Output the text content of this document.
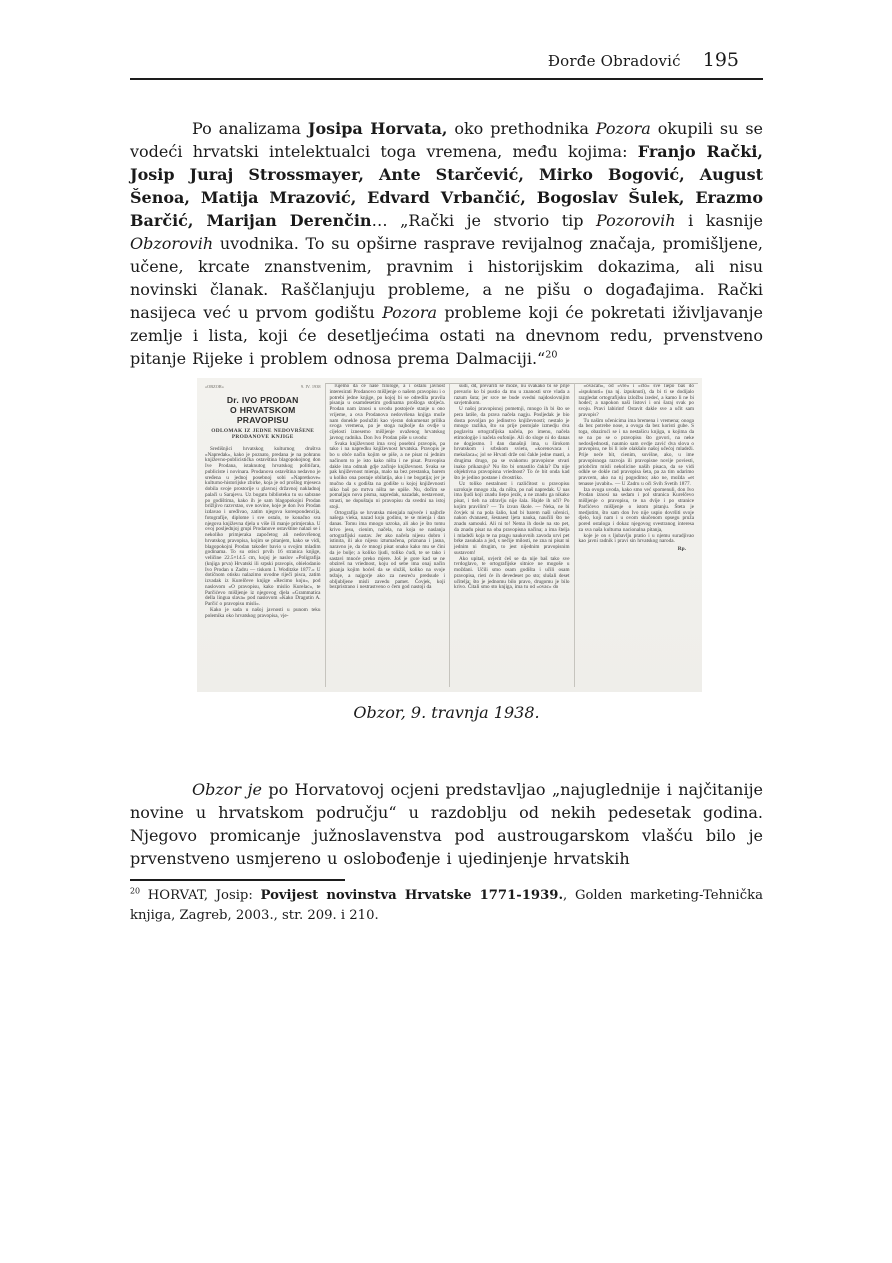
Đorđe Obradović 195

Po analizama Josipa Horvata, oko prethodnika Pozora okupili su se vodeći hrvatski intelektualci toga vremena, među kojima: Franjo Rački, Josip Juraj Strossmayer, Ante Starčević, Mirko Bogović, August Šenoa, Matija Mrazović, Edvard Vrbančić, Bogoslav Šulek, Erazmo Barčić, Marijan Derenčin… „Rački je stvorio tip Pozorovih i kasnije Obzorovih uvodnika. To su opširne rasprave revijalnog značaja, promišljene, učene, krcate znanstvenim, pravnim i historijskim dokazima, ali nisu novinski članak. Raščlanjuju probleme, a ne pišu o događajima. Rački nasijeca već u prvom godištu Pozora probleme koji će pokretati iživljavanje zemlje i lista, koji će desetljećima ostati na dnevnom redu, prvenstveno pitanje Rijeke i problem odnosa prema Dalmaciji.“$^{20}$

«OBZOR»	9. IV. 1938
Dr. IVO PRODAN
O HRVATSKOM PRAVOPISU
ODLOMAK IZ JEDNE NEDOVRŠENE
PRODANOVE KNJIGE

Središnjici hrvatskog kulturnog društva »Napredak«, kako je poznato, predana je na pohranu književno-publicistička ostavština blagopokojnog don Ive Prodana, istaknutog hrvatskog političara, publiciste i novinara. Prodanova ostavština nedavno je sređena u jednoj posebnoj sobi »Napretkove« kulturno-historijske zbirke, koja je od prošlog mjeseca dobila svoje prostorije u glavnoj državnoj nakladnoj palači u Sarajevu. Uz bogatu biblioteku tu su sabrane po godištima, kako ih je sam blagopokojni Prodan brižljivo razvrstao, sve novine, koje je don Ivo Prodan izdavao i uređivao, zatim njegova korespondencija, fotografije, diplome i sve ostalo, te konačno sva njegova književna djela u više ili manje primjeraka. U ovoj posljednjoj grupi Prodanove ostavštine nalazi se i nekoliko primjeraka započetog ali nedovršenog hrvatskog pravopisa, kojim se pitanjem, kako se vidi, blagopokojni Prodan također bavio u svojim mladim godinama. To su otisci prvih 16 stranica knjige, veličine 22.5×14.5 cm, kojoj je naslov »Poligrafija (knjiga prva) Hrvatski ili srpski pravopis, obielodanio Ivo Prodan u Zadru — tiskom I. Woditzke 1877.« U dotičnom otisku nalazimo uvodne riječi pisca, zatim izvadak iz Kurelčeve knjige »Recimo koju«, pod naslovom »O pravopisu, kako mislio Kurelac«, te Parčićevo mišljenje iz njegovog djela »Grammatica della lingua slava« pod naslovom »Kako Dragutin A. Parčić o pravopisu misli«.

Kako je sada u našoj javnosti u punom teku polemika oko hrvatskog pravopisa, vje-

rujemo da će naše filologe, a i ostalu javnost interesirati Prodanovo mišljenje o našem pravopisu i o potrebi jedne knjige, po kojoj bi se odredila pravila pisanja u osamdesetim godinama prošloga stoljeća. Prodan nam iznosi u uvodu postojeće stanje u ono vrijeme, a ova Prodanova nedovršena knjiga može nam donekle poslužiti kao vjeran dokumenat prilika svoga vremena, pa je stoga najbolje da ovdje u cijelosti iznesemo mišljenje uvaženog hrvatskog javnog radnika. Don Ivo Prodan piše u uvodu:

Svaka književnost ima svoj posebni pravopis, pa tako i na napredku književnost hrvatska. Pravopis je bo u obće način kojim se piše, a ne pisat ni jednim načinom to je isto kako ništa i ne pisat. Pravopisa dakle ima odmah gdje začinje književnost. Svaka se pak književnost mienja, malo na bez prestanka, barem u koliko ona postaje obilatija, ako i ne bogatija; jer je mučno da s godišta na godište u kojoj književnosti niko baš po mrtva ništa ne upiše. Nu, dočim se pomaljaju nova pisma, napredak, nazadak, nestavnost, strasti, ne dopuštaju ni pravopisu da svedni na istoj stoji.

Ortografija se hrvatska mienjala najveće i najbrže našega vieka, nazad koju godinu, te se mienja i dan danas. Tomu ima mnogo uzroka, ali ako je što tomu krivo jesu, cienim, načela, na koja se naslanja ortografijski sustav. Jer ako načela nijesu dobro i istinita, ili ako nijesu iztumačena, priznana i jasna, naravno je, da će mnogi pisat onako kako mu se čini da je bolje; a koliko ljudi, toliko ćudi, te se tako i sastavi mnoće preko mjere. Još je gore kad se ne obzireš na vriednost, koju od sebe ima onaj način pisanja kojim hoćeš da se služiš, koliko na svoje težnje, a najgorje ako za nesreću predsude i obljubljene misli zavedu pamet. Čovjek, koji bezpristrano i nestrastveno o čem god nastoji da

sudi, dđ, prevariti se može, nu svakako bi se prije prevario ko bi pustio da mu u znanosti srce vlada a razum šuta; jer srce ne bude svedni najdoslovnijim savjetnikom.

U našoj pravopisnoj pometnji, mnogo ih bi što se pera latiše, da prava načela nagju. Posljedak je bio dosta povoljan po jedinstvo književnosti; nestalo je mnogo razlika, što su prije postojale izmedju dva poglavita ortografijska načela, po imenu, načela etimologije i načela eufonije. Ali do sloge ni do danas ne dogjosmo. I dan današnji ima, u širokom hrvatskom i srbskom svietu, »korenovaca i mekušaca«; jol se Hrvati drže oni čakle jedne masti, a drugima drugo, pa se svakomu pravopisne stvari inako prikazuju? Nu što bi omastilo čakla? Da nije objektivna pravopisna vriednost? To će bit onda kad što je jedino postane i dvostriko.

Uz toliko nestalnost i različitost u pravopisu uzrokuje mnogo zla, da ništa, po naš napredak. U nas ima ljudi koji znadu liepo jezik, a ne znadu ga nikako pisat, i tieh na zdravlju nije šala. Hajde ih uči? Po kojim pravilim? — To izvan škole. — Neka, ne bi čovjek ni na pola šalio, kad bi barem naši učenici, nakon dvanaest, šesnaest ljeta nauka, naučili što ne znadu samouki. Ali ni to! Nema ih dosle na sto pet, da znadu pisat na oba pravopisna načina; a ima štelja i mladeži koja te na pragu naukovnih zavoda urvi pet brke zasukala a jod, s nečije milosti, ne zna ni pisat ni jednim ni drugim, to jest nijednim pravopisnim sustavom!

Ako upitaš, uvjerit ćeš se da nije baš tako sve tvrdoglavo, te ortografijske sitnice ne mogoše u moždani. Učili smo osam godišta i učili osam pravopisa, rieti će ih devedeset po sto; slušali deset učitelja; što je jednomu bilo pravo, drugomu je bilo krivo. Čitali smo sto knjiga, ima tu od »ovac« do

»ovacah«, od »vre« i »čto« sve liepo baš do »ispuknuti« (na nj. izpuknuti), da bi ti se dodijalo razgledat ortografijsku izložbu izedeć, a kamo li ne bi hodeć; a napokon naši listovi i oni šaraj svak po svoju. Pravi labirint! Ostavit dakle sve a učit sam pravopis?

Tu našim učenicima ima bremena i vremena; onoga da bez potrebe nose, a ovoga da bez koristi gube. S toga, obazirući se i na nestašicu knjiga, u kojima da se na po se o pravopisu što govori, na neke nedosljednosti, naumio sam ovdje zavić dva slova o pravopisu, ne bi li iole olakšalo našoj učećoj mladeži. Prije neće bit, cienim, suvišne, ako, u ime pravopisnoga razvoja ili pravopisne novije poviesti, priobćim misli nekolicine naših pisaca, da se vidi odkle se dokle rad pravopisa šeta, pa za tim udarimo pravcem, ako na nj pogodimo; ako ne, možda »et tenasse juvabit«. — U Zadru u oči Svih Svetih 1877.

Iza ovoga uvoda, kako smo već spomenuli, don Ivo Prodan iznosi na sedam i pol stranica Kurelčevo mišljenje o pravopisu, te na dvije i po stranice Parčićevo mišljenje o istom pitanju. Šteta je medjutim, što sam don Ivo nije uspio dovršiti svoje djelo, koji nam i u ovom skučenom opsegu pruža pored ostaloga i dokaz njegovog svestranog interesa za sva naša kulturna nacionalna pitanja,

koje je on s ljubavlju pratio i u njemu suradjivao kao javni radnik i pravi sin hrvatskog naroda.

Rp.
Obzor, 9. travnja 1938.

Obzor je po Horvatovoj ocjeni predstavljao „najuglednije i najčitanije novine u hrvatskom području“ u razdoblju od nekih pedesetak godina. Njegovo promicanje južnoslavenstva pod austrougarskom vlašću bilo je prvenstveno usmjereno u oslobođenje i ujedinjenje hrvatskih

$^{20}$ HORVAT, Josip: Povijest novinstva Hrvatske 1771-1939., Golden marketing-Tehnička knjiga, Zagreb, 2003., str. 209. i 210.
